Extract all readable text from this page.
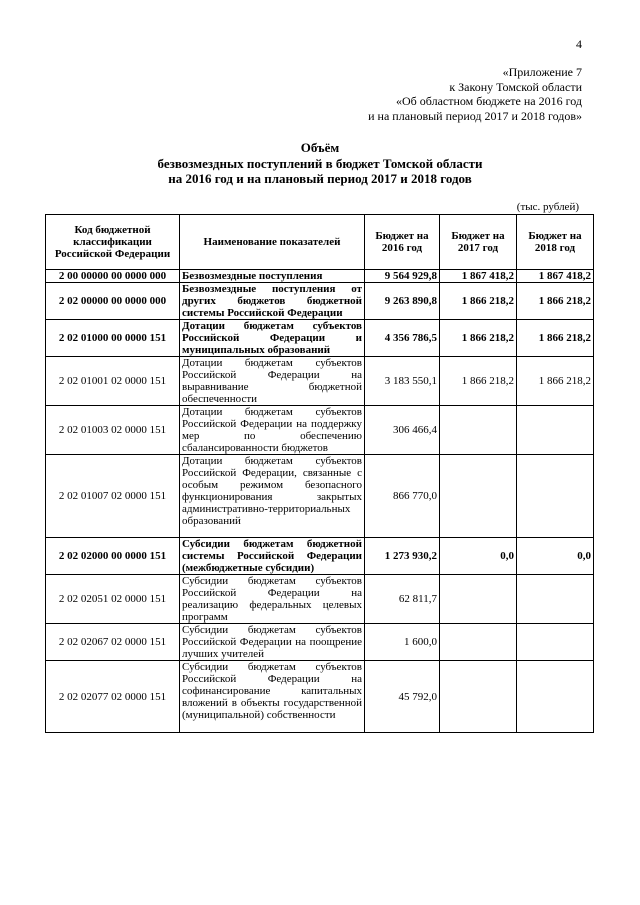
4
«Приложение 7
к Закону Томской области
«Об областном бюджете на 2016 год
и на плановый период 2017 и 2018 годов»
Объём
безвозмездных поступлений в бюджет Томской области
на 2016 год и на плановый период 2017 и 2018 годов
(тыс. рублей)
Код бюджетной классификации Российской Федерации	Наименование показателей	Бюджет на 2016 год	Бюджет на 2017 год	Бюджет на 2018 год
2 00 00000 00 0000 000	Безвозмездные поступления	9 564 929,8	1 867 418,2	1 867 418,2
2 02 00000 00 0000 000	Безвозмездные поступления от других бюджетов бюджетной системы Российской Федерации	9 263 890,8	1 866 218,2	1 866 218,2
2 02 01000 00 0000 151	Дотации бюджетам субъектов Российской Федерации и муниципальных образований	4 356 786,5	1 866 218,2	1 866 218,2
2 02 01001 02 0000 151	Дотации бюджетам субъектов Российской Федерации на выравнивание бюджетной обеспеченности	3 183 550,1	1 866 218,2	1 866 218,2
2 02 01003 02 0000 151	Дотации бюджетам субъектов Российской Федерации на поддержку мер по обеспечению сбалансированности бюджетов	306 466,4		
2 02 01007 02 0000 151	Дотации бюджетам субъектов Российской Федерации, связанные с особым режимом безопасного функционирования закрытых административно-территориальных образований	866 770,0		
2 02 02000 00 0000 151	Субсидии бюджетам бюджетной системы Российской Федерации (межбюджетные субсидии)	1 273 930,2	0,0	0,0
2 02 02051 02 0000 151	Субсидии бюджетам субъектов Российской Федерации на реализацию федеральных целевых программ	62 811,7		
2 02 02067 02 0000 151	Субсидии бюджетам субъектов Российской Федерации на поощрение лучших учителей	1 600,0		
2 02 02077 02 0000 151	Субсидии бюджетам субъектов Российской Федерации на софинансирование капитальных вложений в объекты государственной (муниципальной) собственности	45 792,0		
